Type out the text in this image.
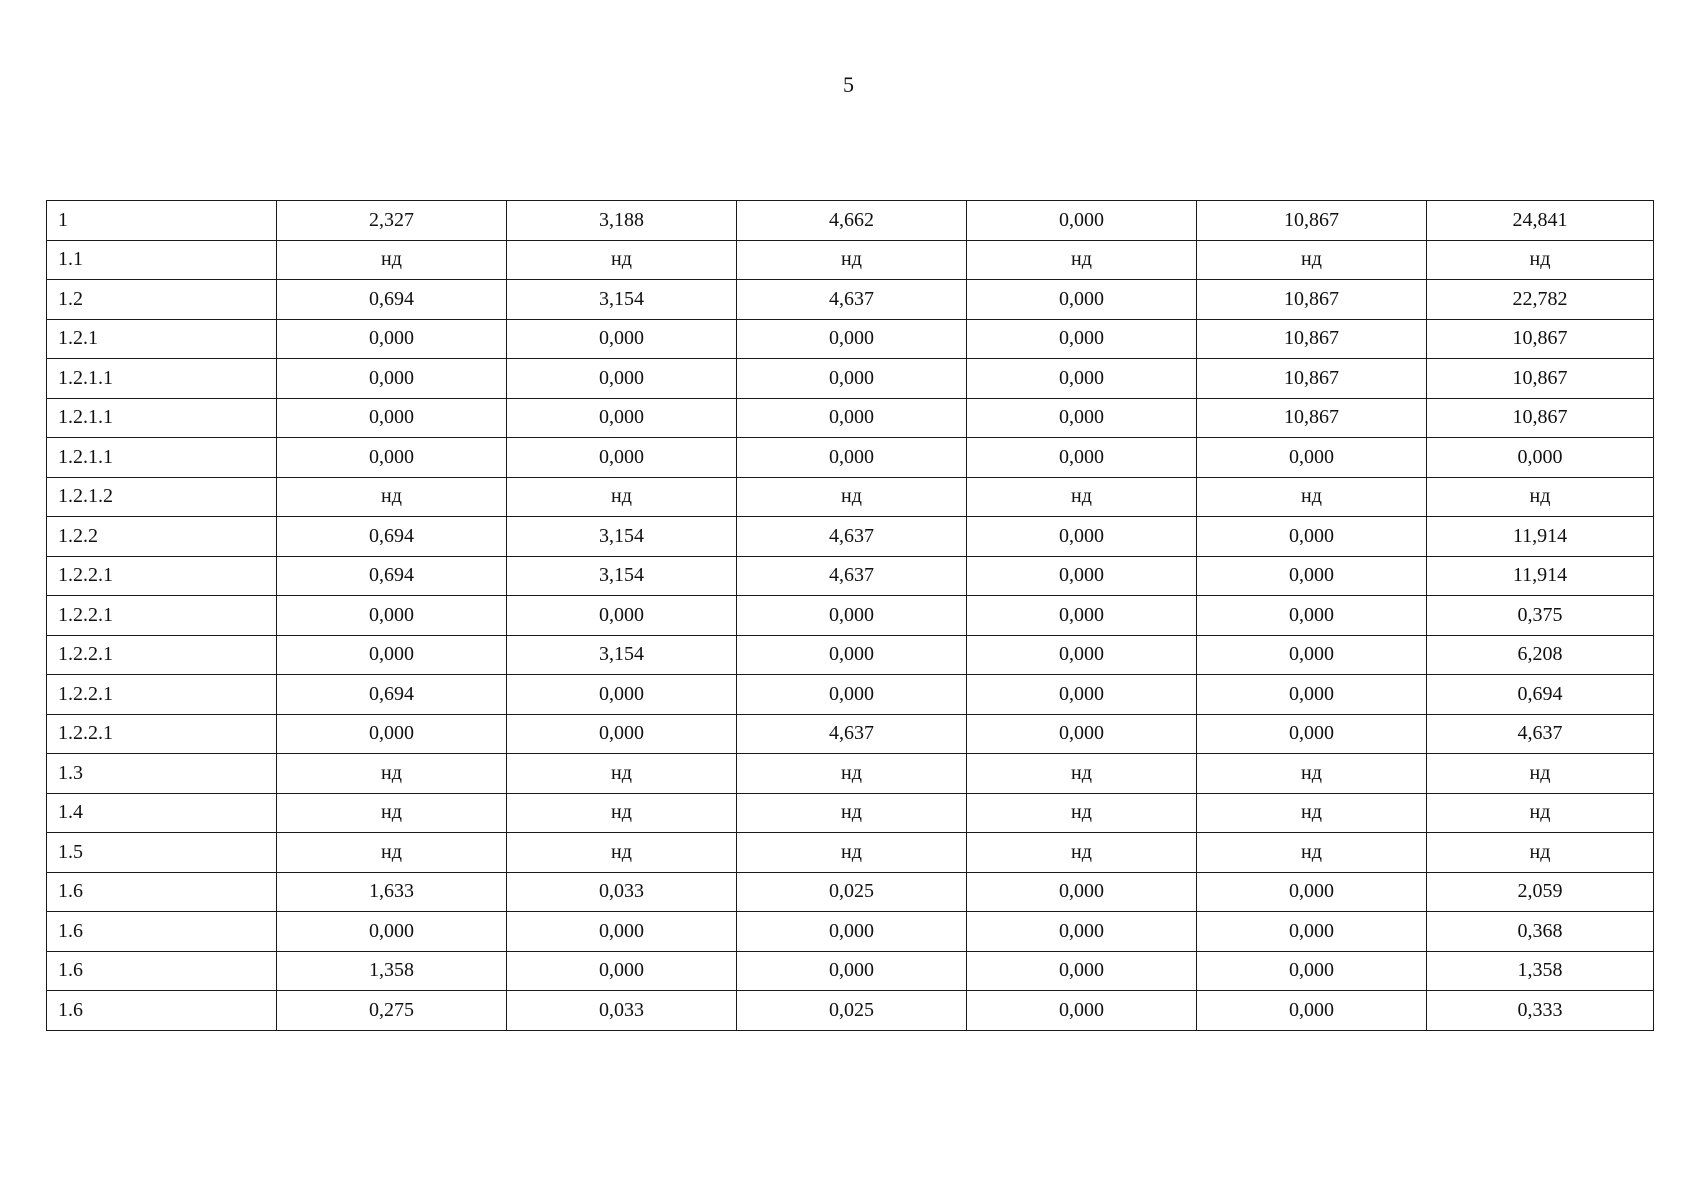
5
1	2,327	3,188	4,662	0,000	10,867	24,841
1.1	нд	нд	нд	нд	нд	нд
1.2	0,694	3,154	4,637	0,000	10,867	22,782
1.2.1	0,000	0,000	0,000	0,000	10,867	10,867
1.2.1.1	0,000	0,000	0,000	0,000	10,867	10,867
1.2.1.1	0,000	0,000	0,000	0,000	10,867	10,867
1.2.1.1	0,000	0,000	0,000	0,000	0,000	0,000
1.2.1.2	нд	нд	нд	нд	нд	нд
1.2.2	0,694	3,154	4,637	0,000	0,000	11,914
1.2.2.1	0,694	3,154	4,637	0,000	0,000	11,914
1.2.2.1	0,000	0,000	0,000	0,000	0,000	0,375
1.2.2.1	0,000	3,154	0,000	0,000	0,000	6,208
1.2.2.1	0,694	0,000	0,000	0,000	0,000	0,694
1.2.2.1	0,000	0,000	4,637	0,000	0,000	4,637
1.3	нд	нд	нд	нд	нд	нд
1.4	нд	нд	нд	нд	нд	нд
1.5	нд	нд	нд	нд	нд	нд
1.6	1,633	0,033	0,025	0,000	0,000	2,059
1.6	0,000	0,000	0,000	0,000	0,000	0,368
1.6	1,358	0,000	0,000	0,000	0,000	1,358
1.6	0,275	0,033	0,025	0,000	0,000	0,333
